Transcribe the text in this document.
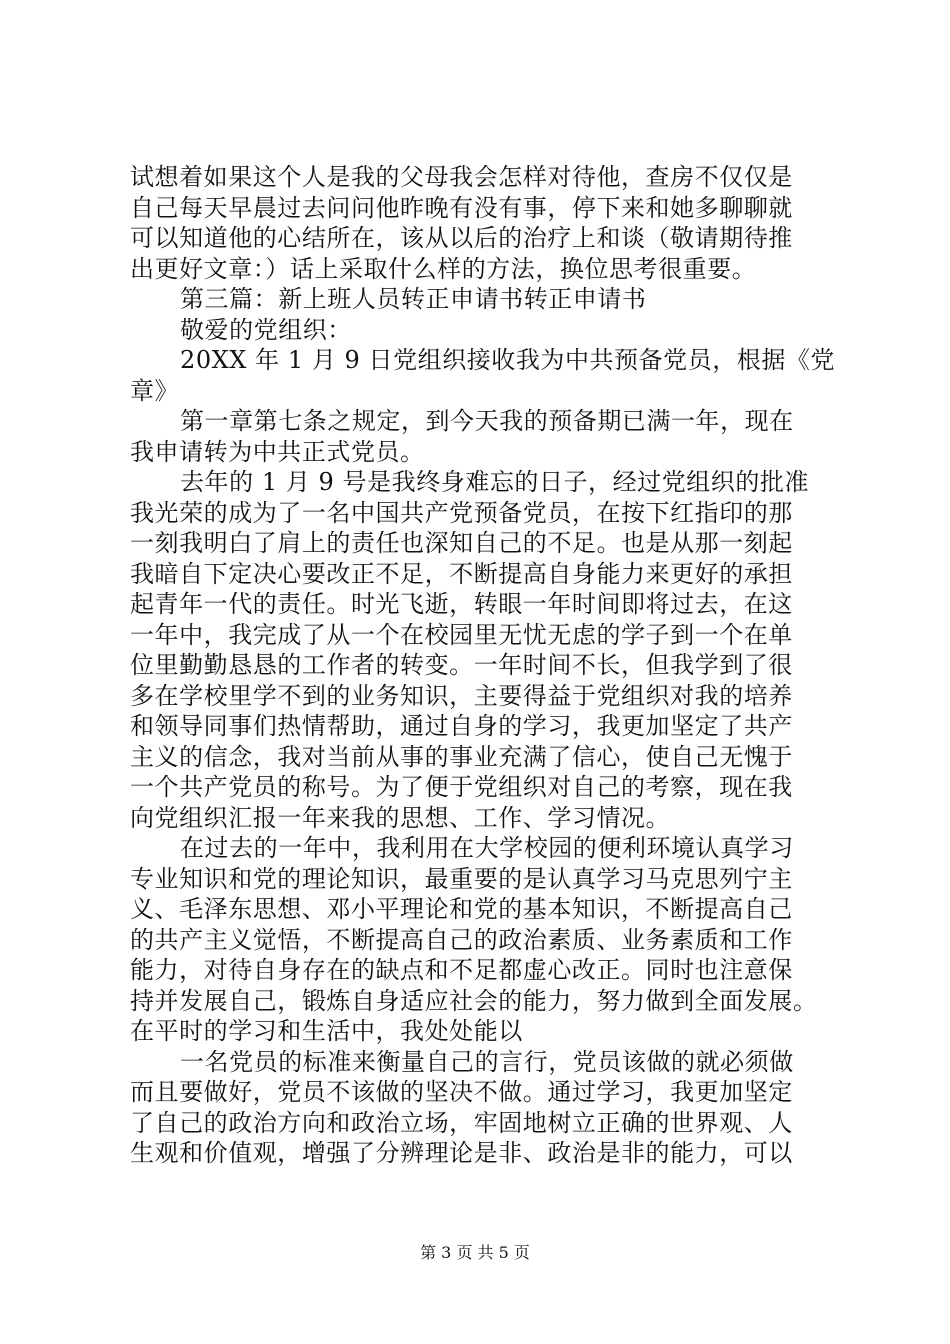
试想着如果这个人是我的父母我会怎样对待他，查房不仅仅是
自己每天早晨过去问问他昨晚有没有事，停下来和她多聊聊就
可以知道他的心结所在，该从以后的治疗上和谈（敬请期待推
出更好文章：）话上采取什么样的方法，换位思考很重要。
第三篇：新上班人员转正申请书转正申请书
敬爱的党组织：
20XX 年 1 月 9 日党组织接收我为中共预备党员，根据《党
章》
第一章第七条之规定，到今天我的预备期已满一年，现在
我申请转为中共正式党员。
去年的 1 月 9 号是我终身难忘的日子，经过党组织的批准
我光荣的成为了一名中国共产党预备党员，在按下红指印的那
一刻我明白了肩上的责任也深知自己的不足。也是从那一刻起
我暗自下定决心要改正不足，不断提高自身能力来更好的承担
起青年一代的责任。时光飞逝，转眼一年时间即将过去，在这
一年中，我完成了从一个在校园里无忧无虑的学子到一个在单
位里勤勤恳恳的工作者的转变。一年时间不长，但我学到了很
多在学校里学不到的业务知识，主要得益于党组织对我的培养
和领导同事们热情帮助，通过自身的学习，我更加坚定了共产
主义的信念，我对当前从事的事业充满了信心，使自己无愧于
一个共产党员的称号。为了便于党组织对自己的考察，现在我
向党组织汇报一年来我的思想、工作、学习情况。
在过去的一年中，我利用在大学校园的便利环境认真学习
专业知识和党的理论知识，最重要的是认真学习马克思列宁主
义、毛泽东思想、邓小平理论和党的基本知识，不断提高自己
的共产主义觉悟，不断提高自己的政治素质、业务素质和工作
能力，对待自身存在的缺点和不足都虚心改正。同时也注意保
持并发展自己，锻炼自身适应社会的能力，努力做到全面发展。
在平时的学习和生活中，我处处能以
一名党员的标准来衡量自己的言行，党员该做的就必须做
而且要做好，党员不该做的坚决不做。通过学习，我更加坚定
了自己的政治方向和政治立场，牢固地树立正确的世界观、人
生观和价值观，增强了分辨理论是非、政治是非的能力，可以
第 3 页 共 5 页
